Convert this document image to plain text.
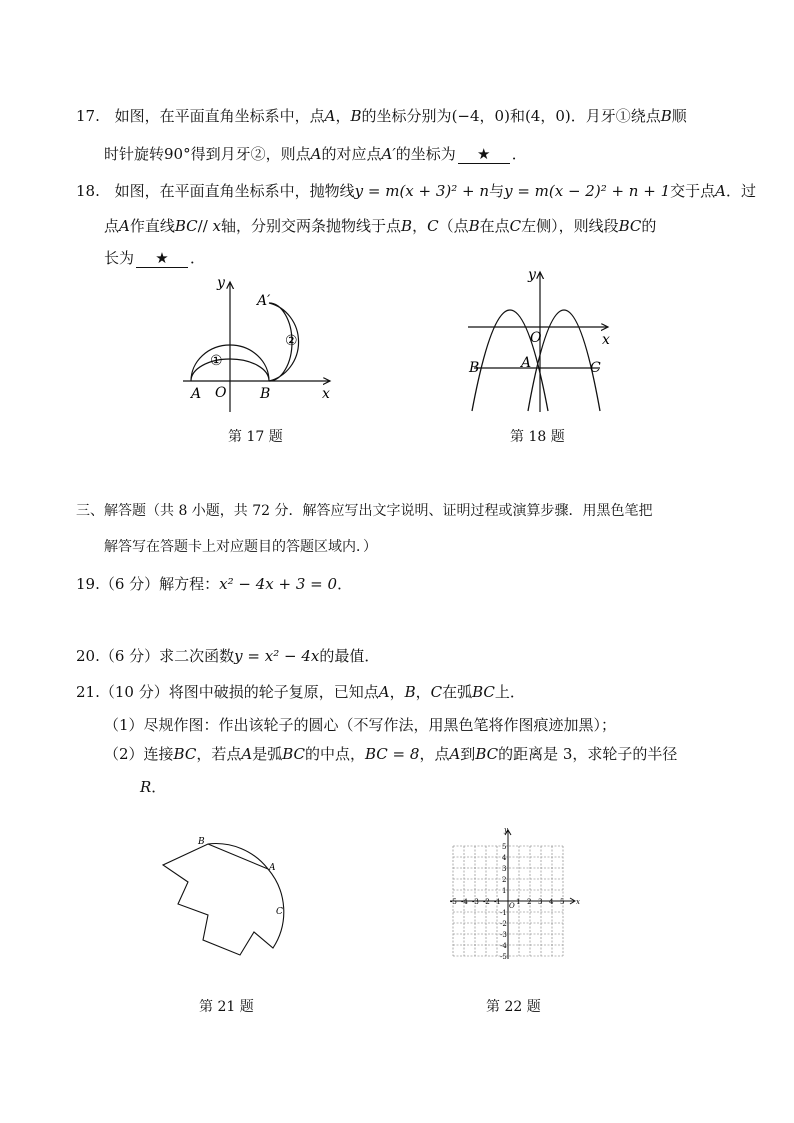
17. 如图，在平面直角坐标系中，点A，B的坐标分别为(−4，0)和(4，0)．月牙①绕点B顺
时针旋转90°得到月牙②，则点A的对应点A′的坐标为 ★ ．
18. 如图，在平面直角坐标系中，抛物线y = m(x + 3)² + n与y = m(x − 2)² + n + 1交于点A．过
点A作直线BC// x轴，分别交两条抛物线于点B，C（点B在点C左侧），则线段BC的
长为 ★ ．
A O B	x
y
A′
①
②
第 17 题
O	x
y
A
B	C
第 18 题
三、解答题（共 8 小题，共 72 分．解答应写出文字说明、证明过程或演算步骤．用黑色笔把
解答写在答题卡上对应题目的答题区域内．）
19.（6 分）解方程：x² − 4x + 3 = 0．
20.（6 分）求二次函数y = x² − 4x的最值．
21.（10 分）将图中破损的轮子复原，已知点A，B，C在弧BC上．
（1）尽规作图：作出该轮子的圆心（不写作法，用黑色笔将作图痕迹加黑）；
（2）连接BC，若点A是弧BC的中点，BC = 8，点A到BC的距离是 3，求轮子的半径
R．
B
A
C
第 21 题
x
y
O
-5 -4 -3 -2 -1 1 2 3 4 5
5
4
3
2
1
-1
-2
-3
-4
-5
第 22 题
